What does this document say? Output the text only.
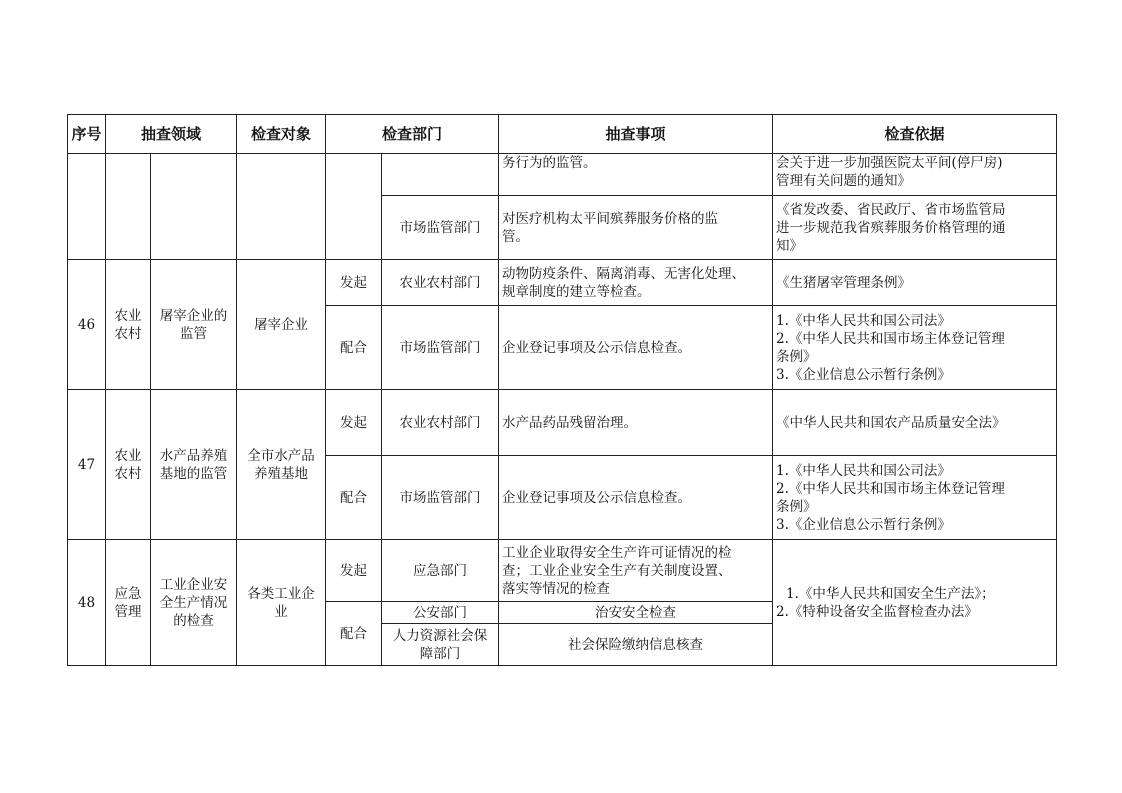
序号	抽查领域		检查对象	检查部门		抽查事项	检查依据

						务行为的监管。	会关于进一步加强医院太平间(停尸房)
管理有关问题的通知》

					市场监管部门	对医疗机构太平间殡葬服务价格的监
管。	《省发改委、省民政厅、省市场监管局
进一步规范我省殡葬服务价格管理的通
知》

46	农业
农村	屠宰企业的
监管	屠宰企业	发起	农业农村部门	动物防疫条件、隔离消毒、无害化处理、
规章制度的建立等检查。	《生猪屠宰管理条例》

				配合	市场监管部门	企业登记事项及公示信息检查。	1.《中华人民共和国公司法》
2.《中华人民共和国市场主体登记管理
条例》
3.《企业信息公示暂行条例》

47	农业
农村	水产品养殖
基地的监管	全市水产品
养殖基地	发起	农业农村部门	水产品药品残留治理。	《中华人民共和国农产品质量安全法》

				配合	市场监管部门	企业登记事项及公示信息检查。	1.《中华人民共和国公司法》
2.《中华人民共和国市场主体登记管理
条例》
3.《企业信息公示暂行条例》

48	应急
管理	工业企业安
全生产情况
的检查	各类工业企
业	发起	应急部门	工业企业取得安全生产许可证情况的检
查；工业企业安全生产有关制度设置、
落实等情况的检查	1.《中华人民共和国安全生产法》；
2.《特种设备安全监督检查办法》

				配合	公安部门	治安安全检查	

					人力资源社会保
障部门	社会保险缴纳信息核查	
